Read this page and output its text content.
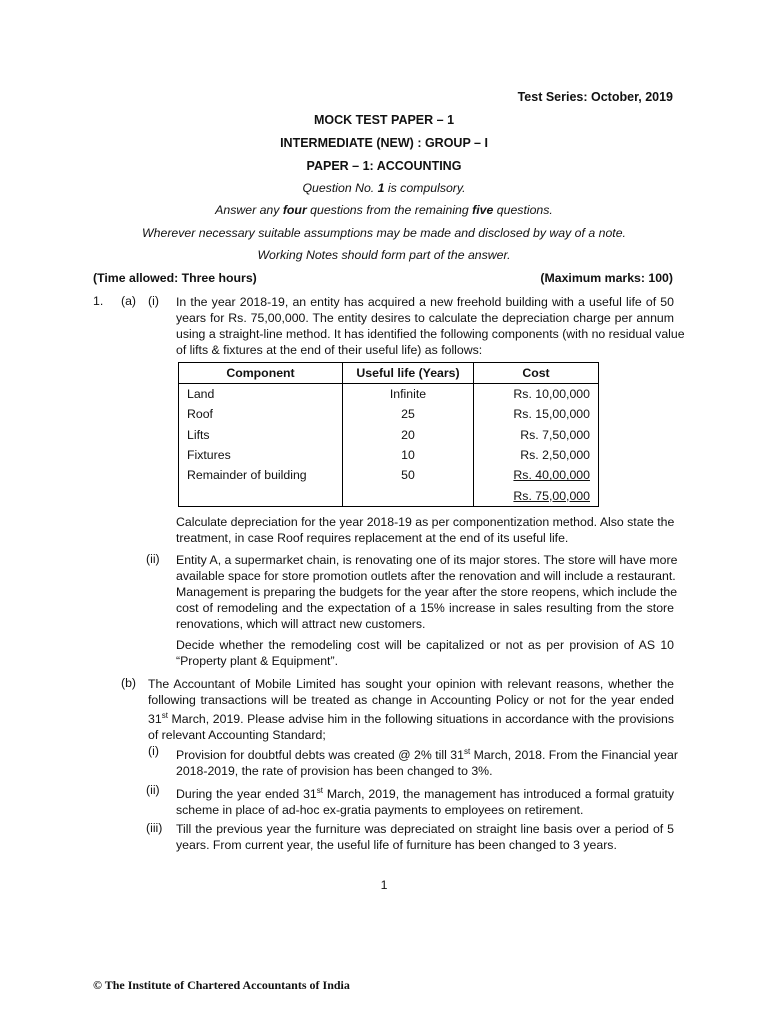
Test Series: October, 2019
MOCK TEST PAPER – 1
INTERMEDIATE (NEW) : GROUP – I
PAPER – 1: ACCOUNTING
Question No. 1 is compulsory.
Answer any four questions from the remaining five questions.
Wherever necessary suitable assumptions may be made and disclosed by way of a note.
Working Notes should form part of the answer.
(Time allowed: Three hours)	(Maximum marks: 100)
1. (a) (i) In the year 2018-19, an entity has acquired a new freehold building with a useful life of 50
years for Rs. 75,00,000. The entity desires to calculate the depreciation charge per annum
using a straight-line method. It has identified the following components (with no residual value
of lifts & fixtures at the end of their useful life) as follows:
Component	Useful life (Years)	Cost
Land	Infinite	Rs. 10,00,000
Roof	25	Rs. 15,00,000
Lifts	20	Rs. 7,50,000
Fixtures	10	Rs. 2,50,000
Remainder of building	50	Rs. 40,00,000
		Rs. 75,00,000
Calculate depreciation for the year 2018-19 as per componentization method. Also state the
treatment, in case Roof requires replacement at the end of its useful life.
(ii) Entity A, a supermarket chain, is renovating one of its major stores. The store will have more
available space for store promotion outlets after the renovation and will include a restaurant.
Management is preparing the budgets for the year after the store reopens, which include the
cost of remodeling and the expectation of a 15% increase in sales resulting from the store
renovations, which will attract new customers.
Decide whether the remodeling cost will be capitalized or not as per provision of AS 10
“Property plant & Equipment”.
(b) The Accountant of Mobile Limited has sought your opinion with relevant reasons, whether the
following transactions will be treated as change in Accounting Policy or not for the year ended
31st March, 2019. Please advise him in the following situations in accordance with the provisions
of relevant Accounting Standard;
(i) Provision for doubtful debts was created @ 2% till 31st March, 2018. From the Financial year
2018-2019, the rate of provision has been changed to 3%.
(ii) During the year ended 31st March, 2019, the management has introduced a formal gratuity
scheme in place of ad-hoc ex-gratia payments to employees on retirement.
(iii) Till the previous year the furniture was depreciated on straight line basis over a period of 5
years. From current year, the useful life of furniture has been changed to 3 years.
1
© The Institute of Chartered Accountants of India
